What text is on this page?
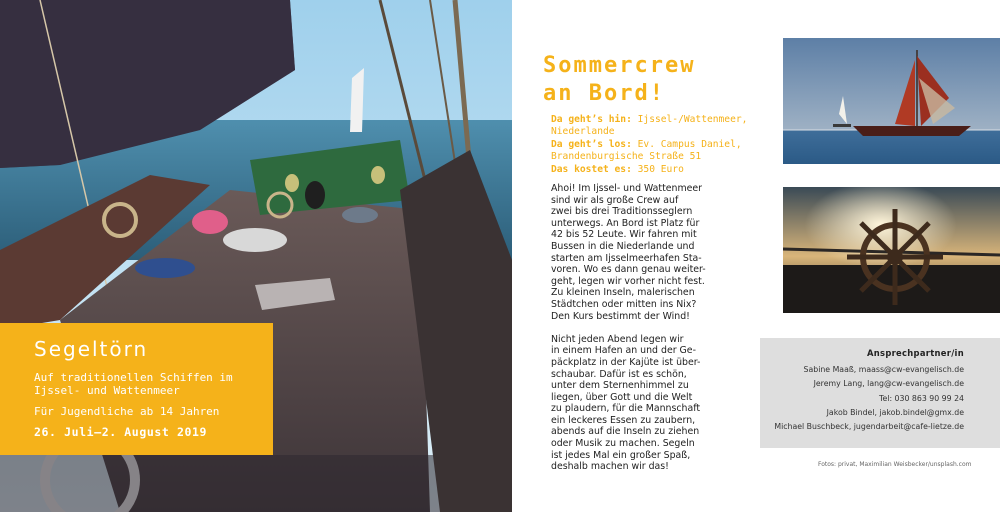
Segeltörn
Auf traditionellen Schiffen im
Ijssel- und Wattenmeer
Für Jugendliche ab 14 Jahren
26. Juli–2. August 2019
Sommercrew
an Bord!
Da geht’s hin: Ijssel-/Wattenmeer,
Niederlande
Da geht’s los: Ev. Campus Daniel,
Brandenburgische Straße 51
Das kostet es: 350 Euro

Ahoi! Im Ijssel- und Wattenmeer
sind wir als große Crew auf
zwei bis drei Traditionsseglern
unterwegs. An Bord ist Platz für
42 bis 52 Leute. Wir fahren mit
Bussen in die Niederlande und
starten am Ijsselmeerhafen Sta-
voren. Wo es dann genau weiter-
geht, legen wir vorher nicht fest.
Zu kleinen Inseln, malerischen
Städtchen oder mitten ins Nix?
Den Kurs bestimmt der Wind!

Nicht jeden Abend legen wir
in einem Hafen an und der Ge-
päckplatz in der Kajüte ist über-
schaubar. Dafür ist es schön,
unter dem Sternenhimmel zu
liegen, über Gott und die Welt
zu plaudern, für die Mannschaft
ein leckeres Essen zu zaubern,
abends auf die Inseln zu ziehen
oder Musik zu machen. Segeln
ist jedes Mal ein großer Spaß,
deshalb machen wir das!

Ansprechpartner/in
Sabine Maaß, maass@cw-evangelisch.de
Jeremy Lang, lang@cw-evangelisch.de
Tel: 030 863 90 99 24
Jakob Bindel, jakob.bindel@gmx.de
Michael Buschbeck, jugendarbeit@cafe-lietze.de
Fotos: privat, Maximilian Weisbecker/unsplash.com
